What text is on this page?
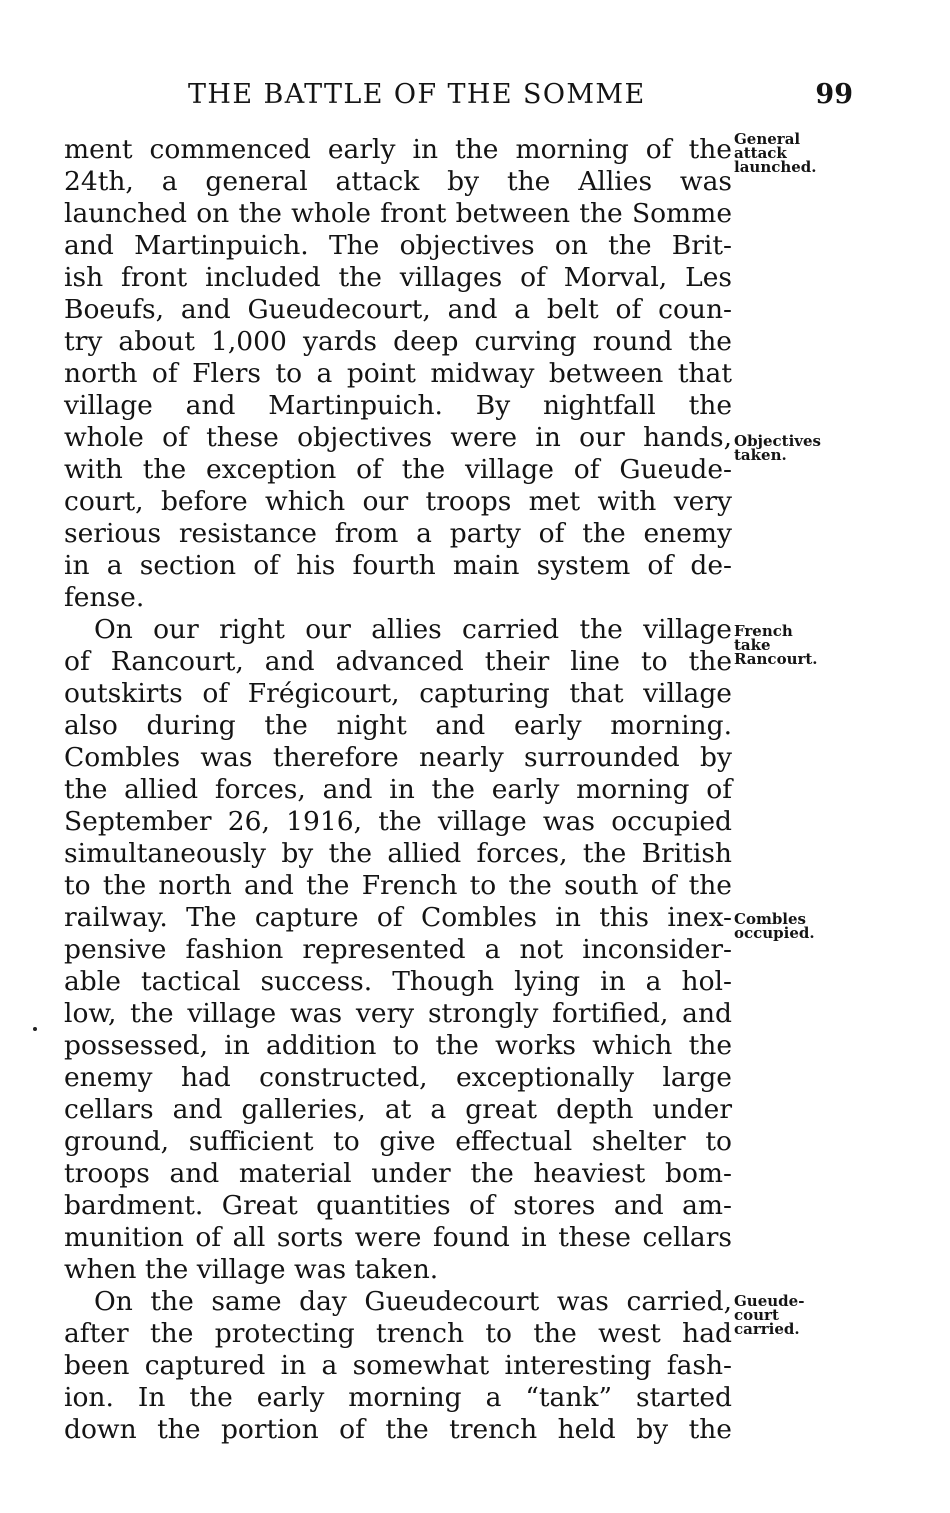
THE BATTLE OF THE SOMME	99
ment commenced early in the morning of the
24th, a general attack by the Allies was
launched on the whole front between the Somme
and Martinpuich. The objectives on the Brit-
ish front included the villages of Morval, Les
Boeufs, and Gueudecourt, and a belt of coun-
try about 1,000 yards deep curving round the
north of Flers to a point midway between that
village and Martinpuich. By nightfall the
whole of these objectives were in our hands,
with the exception of the village of Gueude-
court, before which our troops met with very
serious resistance from a party of the enemy
in a section of his fourth main system of de-
fense.
On our right our allies carried the village
of Rancourt, and advanced their line to the
outskirts of Frégicourt, capturing that village
also during the night and early morning.
Combles was therefore nearly surrounded by
the allied forces, and in the early morning of
September 26, 1916, the village was occupied
simultaneously by the allied forces, the British
to the north and the French to the south of the
railway. The capture of Combles in this inex-
pensive fashion represented a not inconsider-
able tactical success. Though lying in a hol-
low, the village was very strongly fortified, and
possessed, in addition to the works which the
enemy had constructed, exceptionally large
cellars and galleries, at a great depth under
ground, sufficient to give effectual shelter to
troops and material under the heaviest bom-
bardment. Great quantities of stores and am-
munition of all sorts were found in these cellars
when the village was taken.
On the same day Gueudecourt was carried,
after the protecting trench to the west had
been captured in a somewhat interesting fash-
ion. In the early morning a “tank” started
down the portion of the trench held by the
General
attack
launched.
Objectives
taken.
French
take
Rancourt.
Combles
occupied.
Gueude-
court
carried.
